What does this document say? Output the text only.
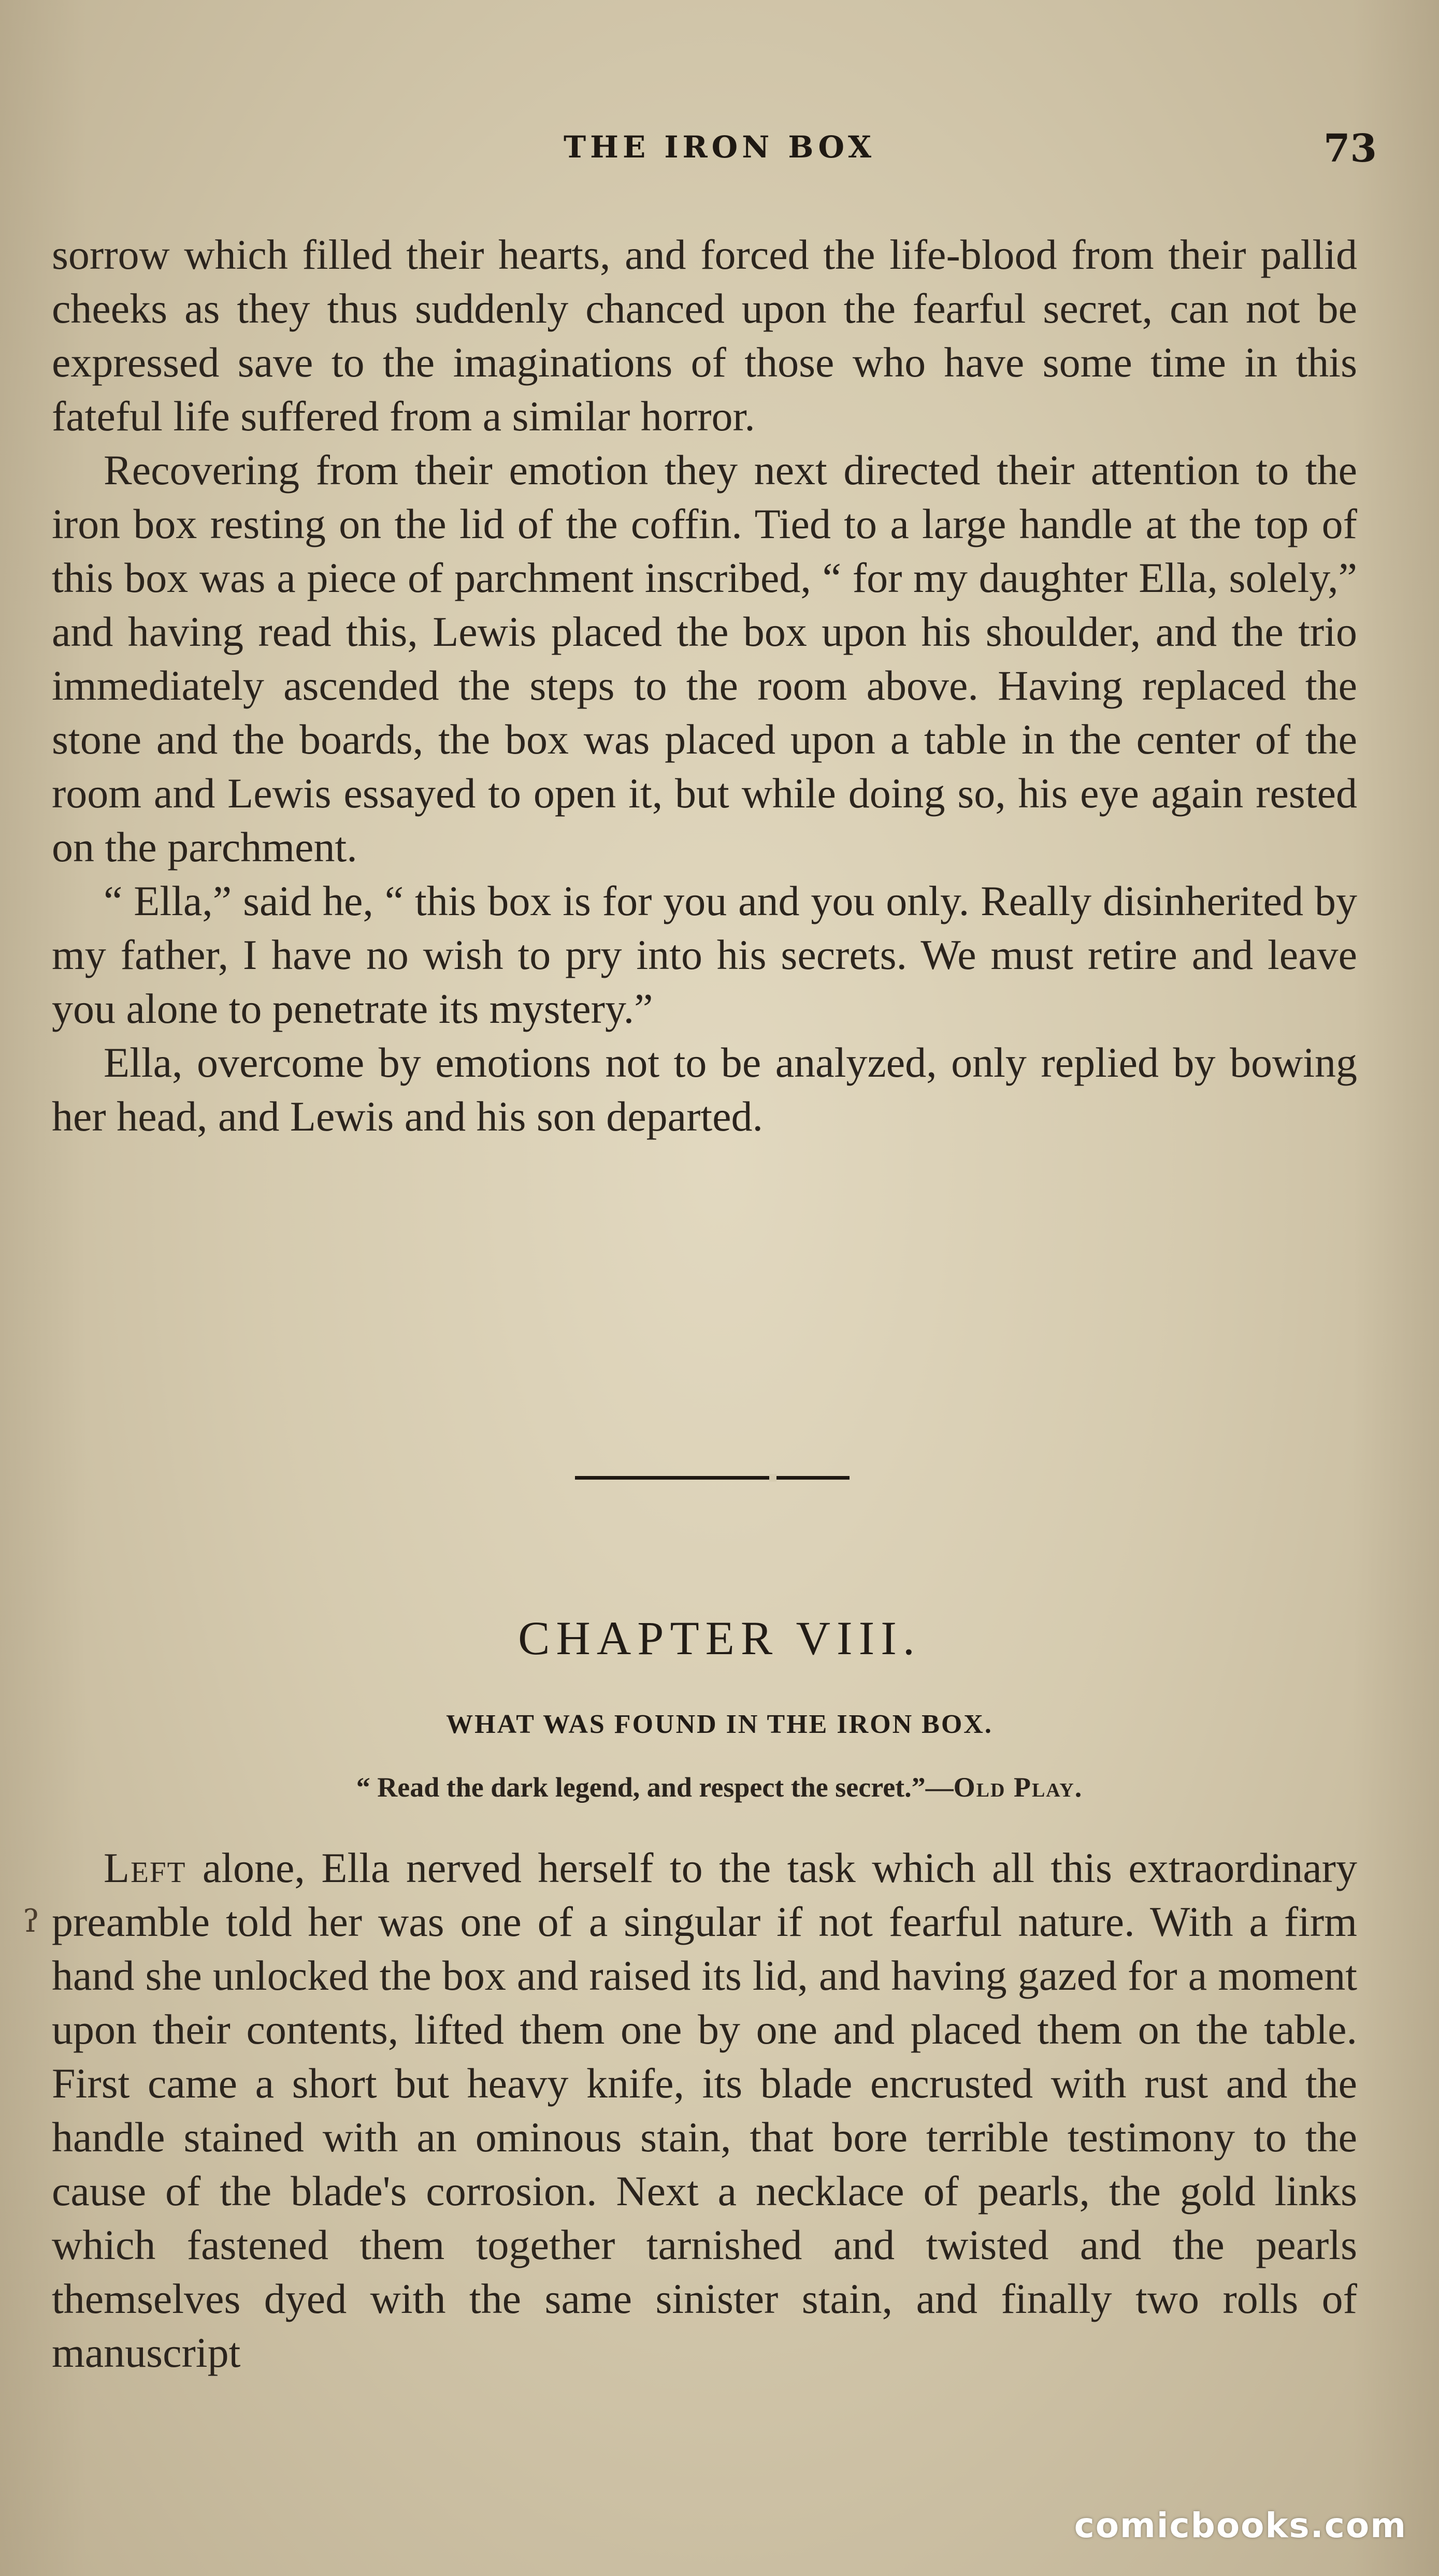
THE IRON BOX	73

sorrow which filled their hearts, and forced the life-blood from their pallid cheeks as they thus suddenly chanced upon the fearful secret, can not be expressed save to the imaginations of those who have some time in this fateful life suffered from a similar horror.

Recovering from their emotion they next directed their attention to the iron box resting on the lid of the coffin. Tied to a large handle at the top of this box was a piece of parchment inscribed, “ for my daughter Ella, solely,” and having read this, Lewis placed the box upon his shoulder, and the trio immediately ascended the steps to the room above. Having replaced the stone and the boards, the box was placed upon a table in the center of the room and Lewis essayed to open it, but while doing so, his eye again rested on the parchment.

“ Ella,” said he, “ this box is for you and you only. Really disinherited by my father, I have no wish to pry into his secrets. We must retire and leave you alone to penetrate its mystery.”

Ella, overcome by emotions not to be analyzed, only replied by bowing her head, and Lewis and his son departed.

CHAPTER VIII.
WHAT WAS FOUND IN THE IRON BOX.
“ Read the dark legend, and respect the secret.”—Old Play.
ʔ

Left alone, Ella nerved herself to the task which all this extraordinary preamble told her was one of a singular if not fearful nature. With a firm hand she unlocked the box and raised its lid, and having gazed for a moment upon their contents, lifted them one by one and placed them on the table. First came a short but heavy knife, its blade encrusted with rust and the handle stained with an ominous stain, that bore terrible testimony to the cause of the blade's corrosion. Next a necklace of pearls, the gold links which fastened them together tarnished and twisted and the pearls themselves dyed with the same sinister stain, and finally two rolls of manuscript

comicbooks.com
